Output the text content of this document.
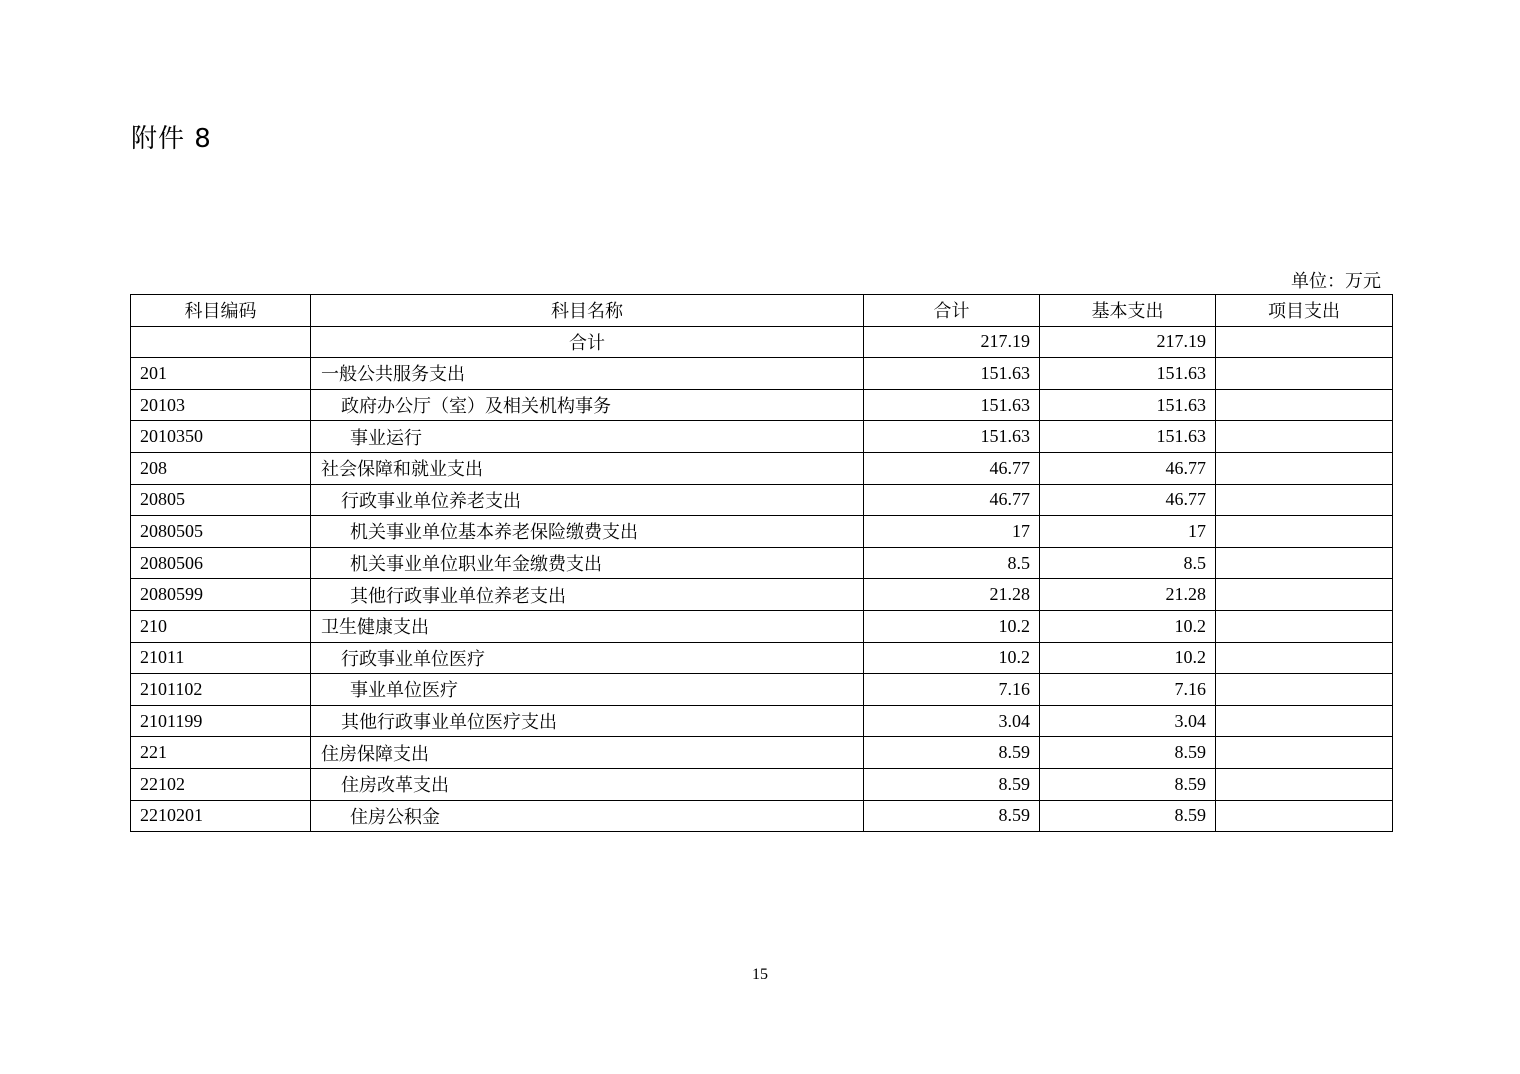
附件 8
单位：万元
科目编码	科目名称	合计	基本支出	项目支出
	合计	217.19	217.19	
201	一般公共服务支出	151.63	151.63	
20103	政府办公厅（室）及相关机构事务	151.63	151.63	
2010350	事业运行	151.63	151.63	
208	社会保障和就业支出	46.77	46.77	
20805	行政事业单位养老支出	46.77	46.77	
2080505	机关事业单位基本养老保险缴费支出	17	17	
2080506	机关事业单位职业年金缴费支出	8.5	8.5	
2080599	其他行政事业单位养老支出	21.28	21.28	
210	卫生健康支出	10.2	10.2	
21011	行政事业单位医疗	10.2	10.2	
2101102	事业单位医疗	7.16	7.16	
2101199	其他行政事业单位医疗支出	3.04	3.04	
221	住房保障支出	8.59	8.59	
22102	住房改革支出	8.59	8.59	
2210201	住房公积金	8.59	8.59	
15
